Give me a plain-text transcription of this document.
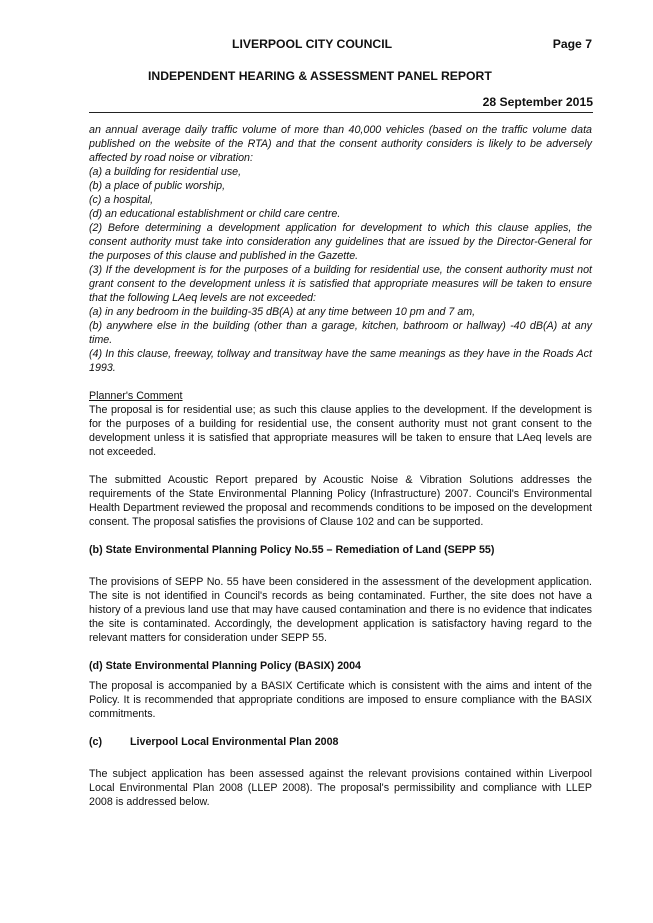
LIVERPOOL CITY COUNCIL	Page 7
INDEPENDENT HEARING & ASSESSMENT PANEL REPORT
28 September 2015

an annual average daily traffic volume of more than 40,000 vehicles (based on the traffic volume data published on the website of the RTA) and that the consent authority considers is likely to be adversely affected by road noise or vibration:

(a) a building for residential use,

(b) a place of public worship,

(c) a hospital,

(d) an educational establishment or child care centre.

(2) Before determining a development application for development to which this clause applies, the consent authority must take into consideration any guidelines that are issued by the Director-General for the purposes of this clause and published in the Gazette.

(3) If the development is for the purposes of a building for residential use, the consent authority must not grant consent to the development unless it is satisfied that appropriate measures will be taken to ensure that the following LAeq levels are not exceeded:

(a) in any bedroom in the building-35 dB(A) at any time between 10 pm and 7 am,

(b) anywhere else in the building (other than a garage, kitchen, bathroom or hallway) -40 dB(A) at any time.

(4) In this clause, freeway, tollway and transitway have the same meanings as they have in the Roads Act 1993.

Planner's Comment

The proposal is for residential use; as such this clause applies to the development. If the development is for the purposes of a building for residential use, the consent authority must not grant consent to the development unless it is satisfied that appropriate measures will be taken to ensure that LAeq levels are not exceeded.

The submitted Acoustic Report prepared by Acoustic Noise & Vibration Solutions addresses the requirements of the State Environmental Planning Policy (Infrastructure) 2007. Council's Environmental Health Department reviewed the proposal and recommends conditions to be imposed on the development consent. The proposal satisfies the provisions of Clause 102 and can be supported.

(b) State Environmental Planning Policy No.55 – Remediation of Land (SEPP 55)

The provisions of SEPP No. 55 have been considered in the assessment of the development application. The site is not identified in Council's records as being contaminated. Further, the site does not have a history of a previous land use that may have caused contamination and there is no evidence that indicates the site is contaminated. Accordingly, the development application is satisfactory having regard to the relevant matters for consideration under SEPP 55.

(d) State Environmental Planning Policy (BASIX) 2004

The proposal is accompanied by a BASIX Certificate which is consistent with the aims and intent of the Policy. It is recommended that appropriate conditions are imposed to ensure compliance with the BASIX commitments.

(c)	Liverpool Local Environmental Plan 2008

The subject application has been assessed against the relevant provisions contained within Liverpool Local Environmental Plan 2008 (LLEP 2008). The proposal's permissibility and compliance with LLEP 2008 is addressed below.
